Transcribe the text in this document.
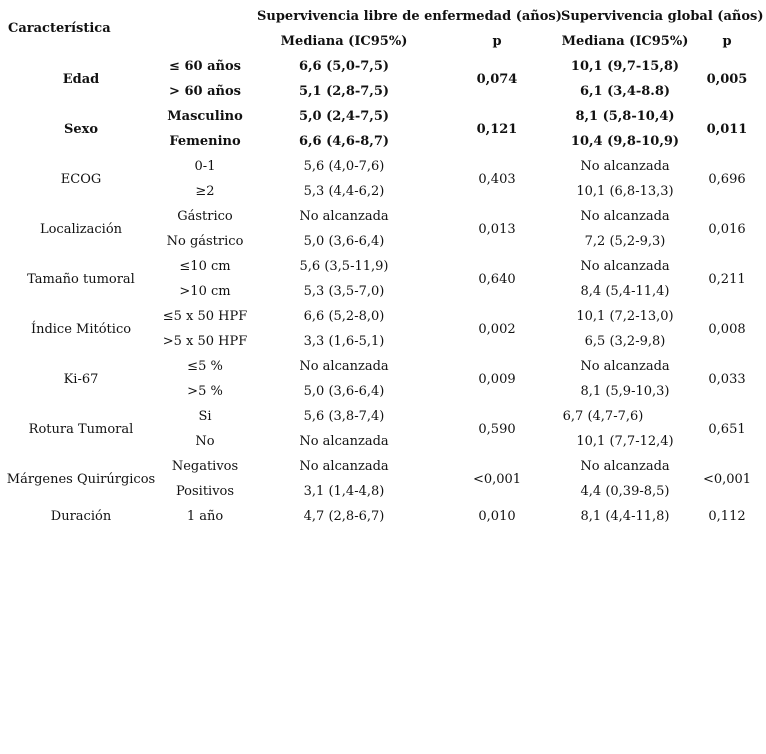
Característica
Supervivencia libre de enfermedad (años) Supervivencia global (años)
Mediana (IC95%)	p	Mediana (IC95%)	p
Edad	0,074	0,005
≤ 60 años	6,6 (5,0-7,5)	10,1 (9,7-15,8)
> 60 años	5,1 (2,8-7,5)	6,1 (3,4-8.8)
Sexo	0,121	0,011
Masculino	5,0 (2,4-7,5)	8,1 (5,8-10,4)
Femenino	6,6 (4,6-8,7)	10,4 (9,8-10,9)
ECOG	0,403	0,696
0-1	5,6 (4,0-7,6)	No alcanzada
≥2	5,3 (4,4-6,2)	10,1 (6,8-13,3)
Localización	0,013	0,016
Gástrico	No alcanzada	No alcanzada
No gástrico	5,0 (3,6-6,4)	7,2 (5,2-9,3)
Tamaño tumoral	0,640	0,211
≤10 cm	5,6 (3,5-11,9)	No alcanzada
>10 cm	5,3 (3,5-7,0)	8,4 (5,4-11,4)
Índice Mitótico	0,002	0,008
≤5 x 50 HPF	6,6 (5,2-8,0)	10,1 (7,2-13,0)
>5 x 50 HPF	3,3 (1,6-5,1)	6,5 (3,2-9,8)
Ki-67	0,009	0,033
≤5 %	No alcanzada	No alcanzada
>5 %	5,0 (3,6-6,4)	8,1 (5,9-10,3)
Rotura Tumoral	0,590	0,651
Si	5,6 (3,8-7,4)	6,7 (4,7-7,6)
No	No alcanzada	10,1 (7,7-12,4)
Márgenes Quirúrgicos	<0,001	<0,001
Negativos	No alcanzada	No alcanzada
Positivos	3,1 (1,4-4,8)	4,4 (0,39-8,5)
Duración	0,010	0,112
1 año	4,7 (2,8-6,7)	8,1 (4,4-11,8)
